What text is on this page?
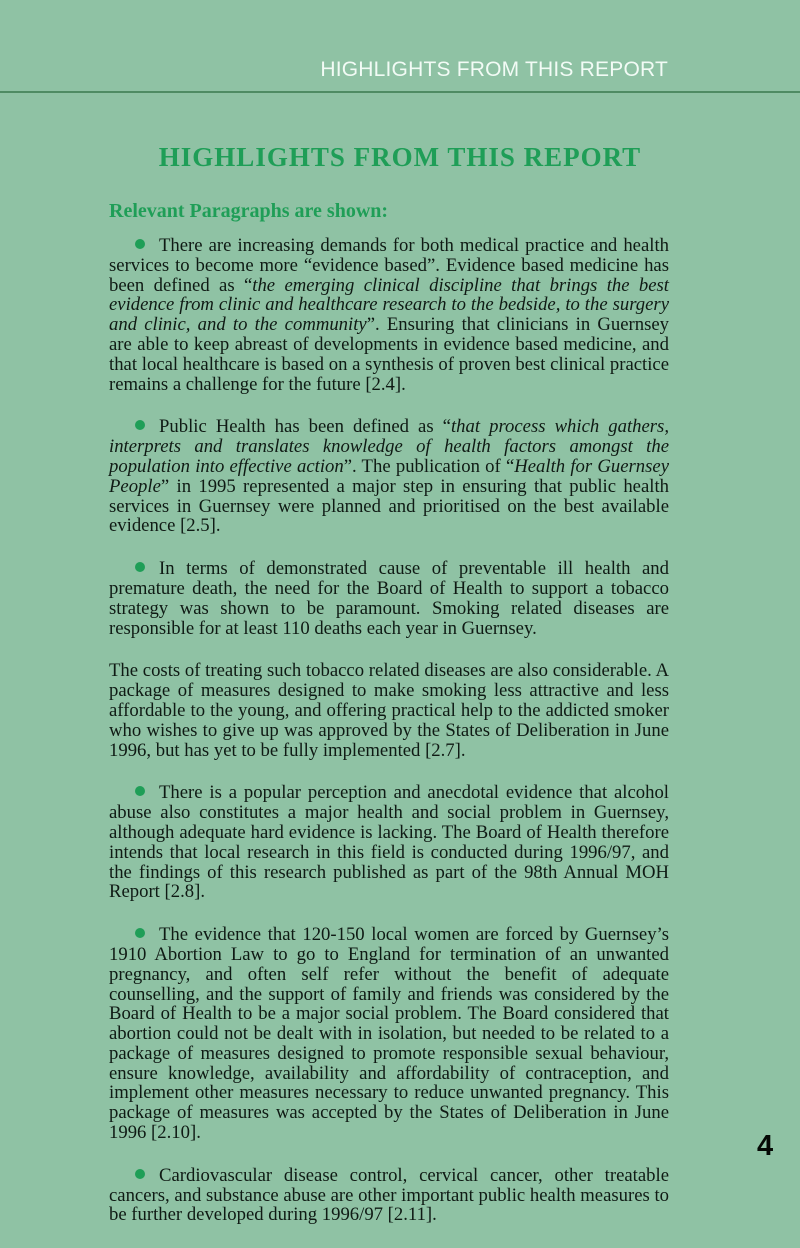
HIGHLIGHTS FROM THIS REPORT
HIGHLIGHTS FROM THIS REPORT

Relevant Paragraphs are shown:

There are increasing demands for both medical practice and health services to become more “evidence based”. Evidence based medicine has been defined as “the emerging clinical discipline that brings the best evidence from clinic and healthcare research to the bedside, to the surgery and clinic, and to the community”. Ensuring that clinicians in Guernsey are able to keep abreast of developments in evidence based medicine, and that local healthcare is based on a synthesis of proven best clinical practice remains a challenge for the future [2.4].

Public Health has been defined as “that process which gathers, interprets and translates knowledge of health factors amongst the population into effective action”. The publication of “Health for Guernsey People” in 1995 represented a major step in ensuring that public health services in Guernsey were planned and prioritised on the best available evidence [2.5].

In terms of demonstrated cause of preventable ill health and premature death, the need for the Board of Health to support a tobacco strategy was shown to be paramount. Smoking related diseases are responsible for at least 110 deaths each year in Guernsey.

The costs of treating such tobacco related diseases are also considerable. A package of measures designed to make smoking less attractive and less affordable to the young, and offering practical help to the addicted smoker who wishes to give up was approved by the States of Deliberation in June 1996, but has yet to be fully implemented [2.7].

There is a popular perception and anecdotal evidence that alcohol abuse also constitutes a major health and social problem in Guernsey, although adequate hard evidence is lacking. The Board of Health therefore intends that local research in this field is conducted during 1996/97, and the findings of this research published as part of the 98th Annual MOH Report [2.8].

The evidence that 120-150 local women are forced by Guernsey’s 1910 Abortion Law to go to England for termination of an unwanted pregnancy, and often self refer without the benefit of adequate counselling, and the support of family and friends was considered by the Board of Health to be a major social problem. The Board considered that abortion could not be dealt with in isolation, but needed to be related to a package of measures designed to promote responsible sexual behaviour, ensure knowledge, availability and affordability of contraception, and implement other measures necessary to reduce unwanted pregnancy. This package of measures was accepted by the States of Deliberation in June 1996 [2.10].

Cardiovascular disease control, cervical cancer, other treatable cancers, and substance abuse are other important public health measures to be further developed during 1996/97 [2.11].

4
